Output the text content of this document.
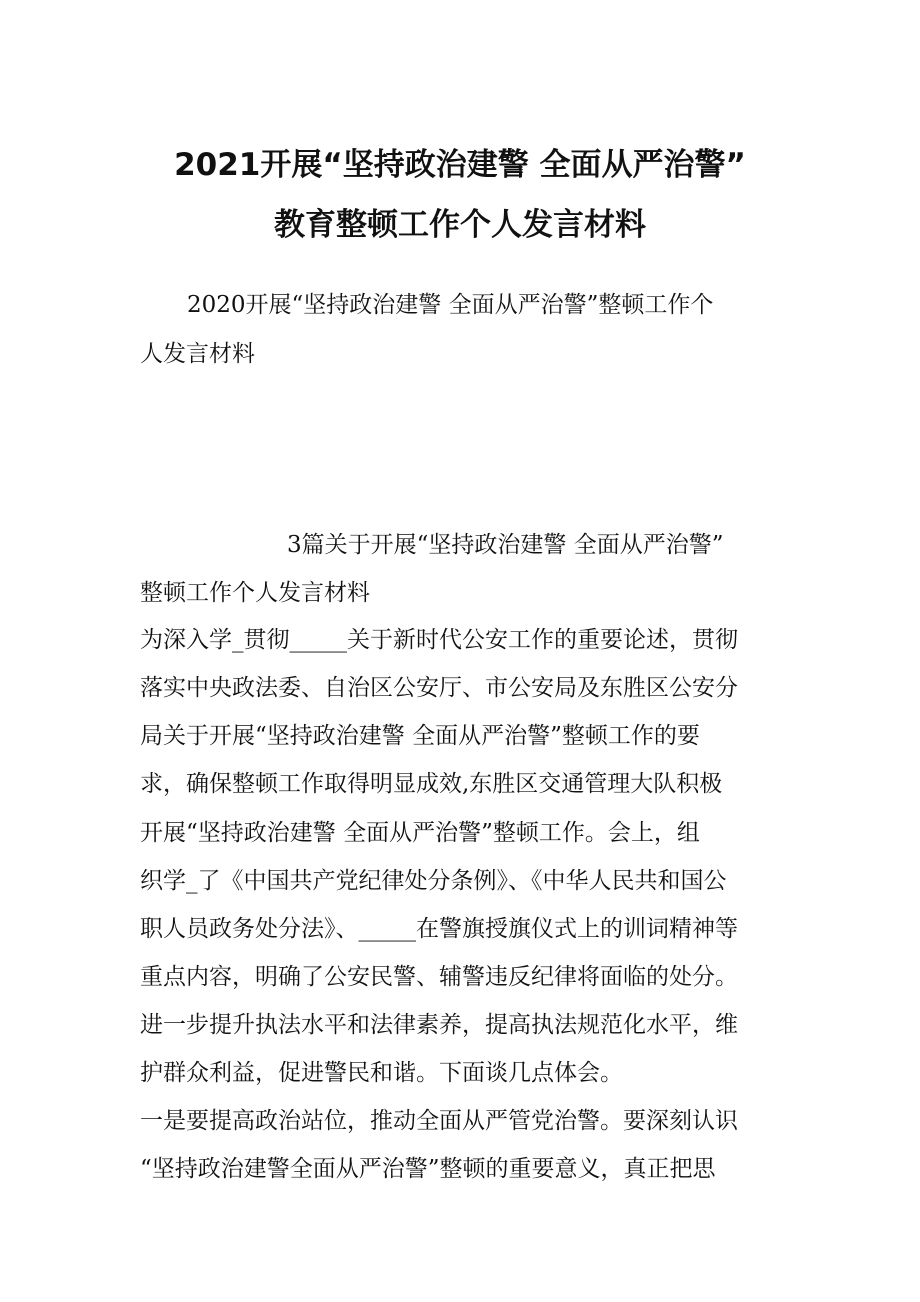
2021开展“坚持政治建警 全面从严治警”
教育整顿工作个人发言材料
2020开展“坚持政治建警 全面从严治警”整顿工作个
人发言材料
3篇关于开展“坚持政治建警 全面从严治警”
整顿工作个人发言材料
为深入学_贯彻_____关于新时代公安工作的重要论述，贯彻
落实中央政法委、自治区公安厅、市公安局及东胜区公安分
局关于开展“坚持政治建警 全面从严治警”整顿工作的要
求，确保整顿工作取得明显成效,东胜区交通管理大队积极
开展“坚持政治建警 全面从严治警”整顿工作。会上，组
织学_了《中国共产党纪律处分条例》、《中华人民共和国公
职人员政务处分法》、_____在警旗授旗仪式上的训词精神等
重点内容，明确了公安民警、辅警违反纪律将面临的处分。
进一步提升执法水平和法律素养，提高执法规范化水平，维
护群众利益，促进警民和谐。下面谈几点体会。
一是要提高政治站位，推动全面从严管党治警。要深刻认识
“坚持政治建警全面从严治警”整顿的重要意义，真正把思
